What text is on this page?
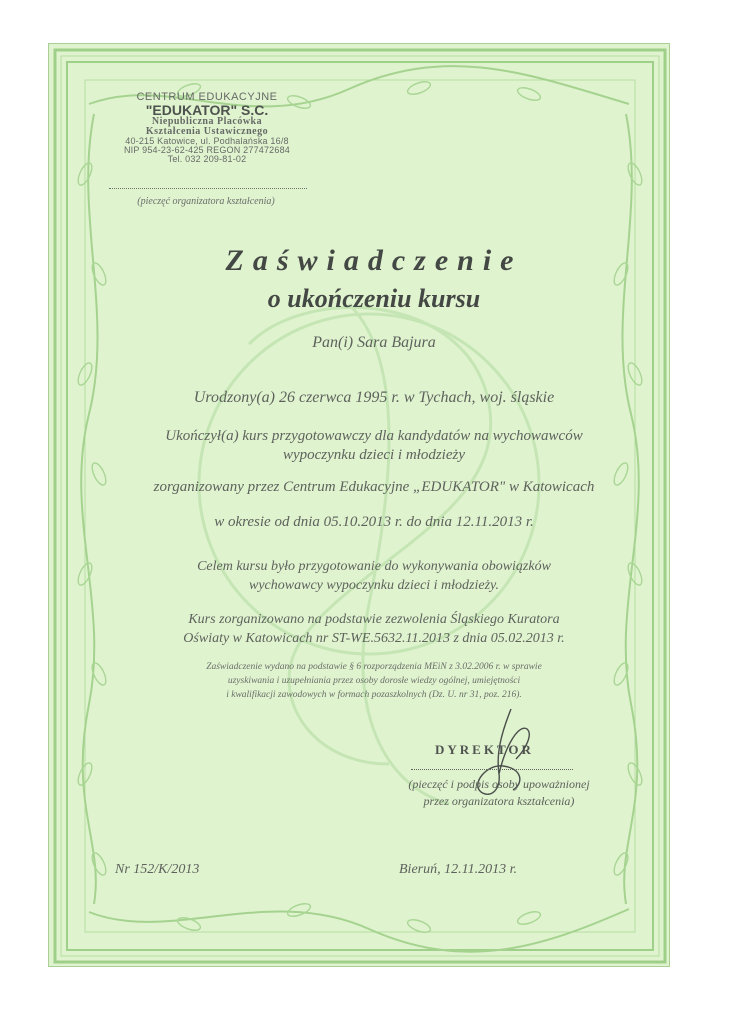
CENTRUM EDUKACYJNE
"EDUKATOR" S.C.
Niepubliczna Placówka
Kształcenia Ustawicznego
40-215 Katowice, ul. Podhalańska 16/8
NIP 954-23-62-425 REGON 277472684
Tel. 032 209-81-02
(pieczęć organizatora kształcenia)
Zaświadczenie
o ukończeniu kursu
Pan(i) Sara Bajura
Urodzony(a) 26 czerwca 1995 r. w Tychach, woj. śląskie
Ukończył(a) kurs przygotowawczy dla kandydatów na wychowawców
wypoczynku dzieci i młodzieży
zorganizowany przez Centrum Edukacyjne „EDUKATOR" w Katowicach
w okresie od dnia 05.10.2013 r. do dnia 12.11.2013 r.
Celem kursu było przygotowanie do wykonywania obowiązków
wychowawcy wypoczynku dzieci i młodzieży.
Kurs zorganizowano na podstawie zezwolenia Śląskiego Kuratora
Oświaty w Katowicach nr ST-WE.5632.11.2013 z dnia 05.02.2013 r.
Zaświadczenie wydano na podstawie § 6 rozporządzenia MEiN z 3.02.2006 r. w sprawie
uzyskiwania i uzupełniania przez osoby dorosłe wiedzy ogólnej, umiejętności
i kwalifikacji zawodowych w formach pozaszkolnych (Dz. U. nr 31, poz. 216).
DYREKTOR
(pieczęć i podpis osoby upoważnionej
przez organizatora kształcenia)
Nr 152/K/2013	Bieruń, 12.11.2013 r.
